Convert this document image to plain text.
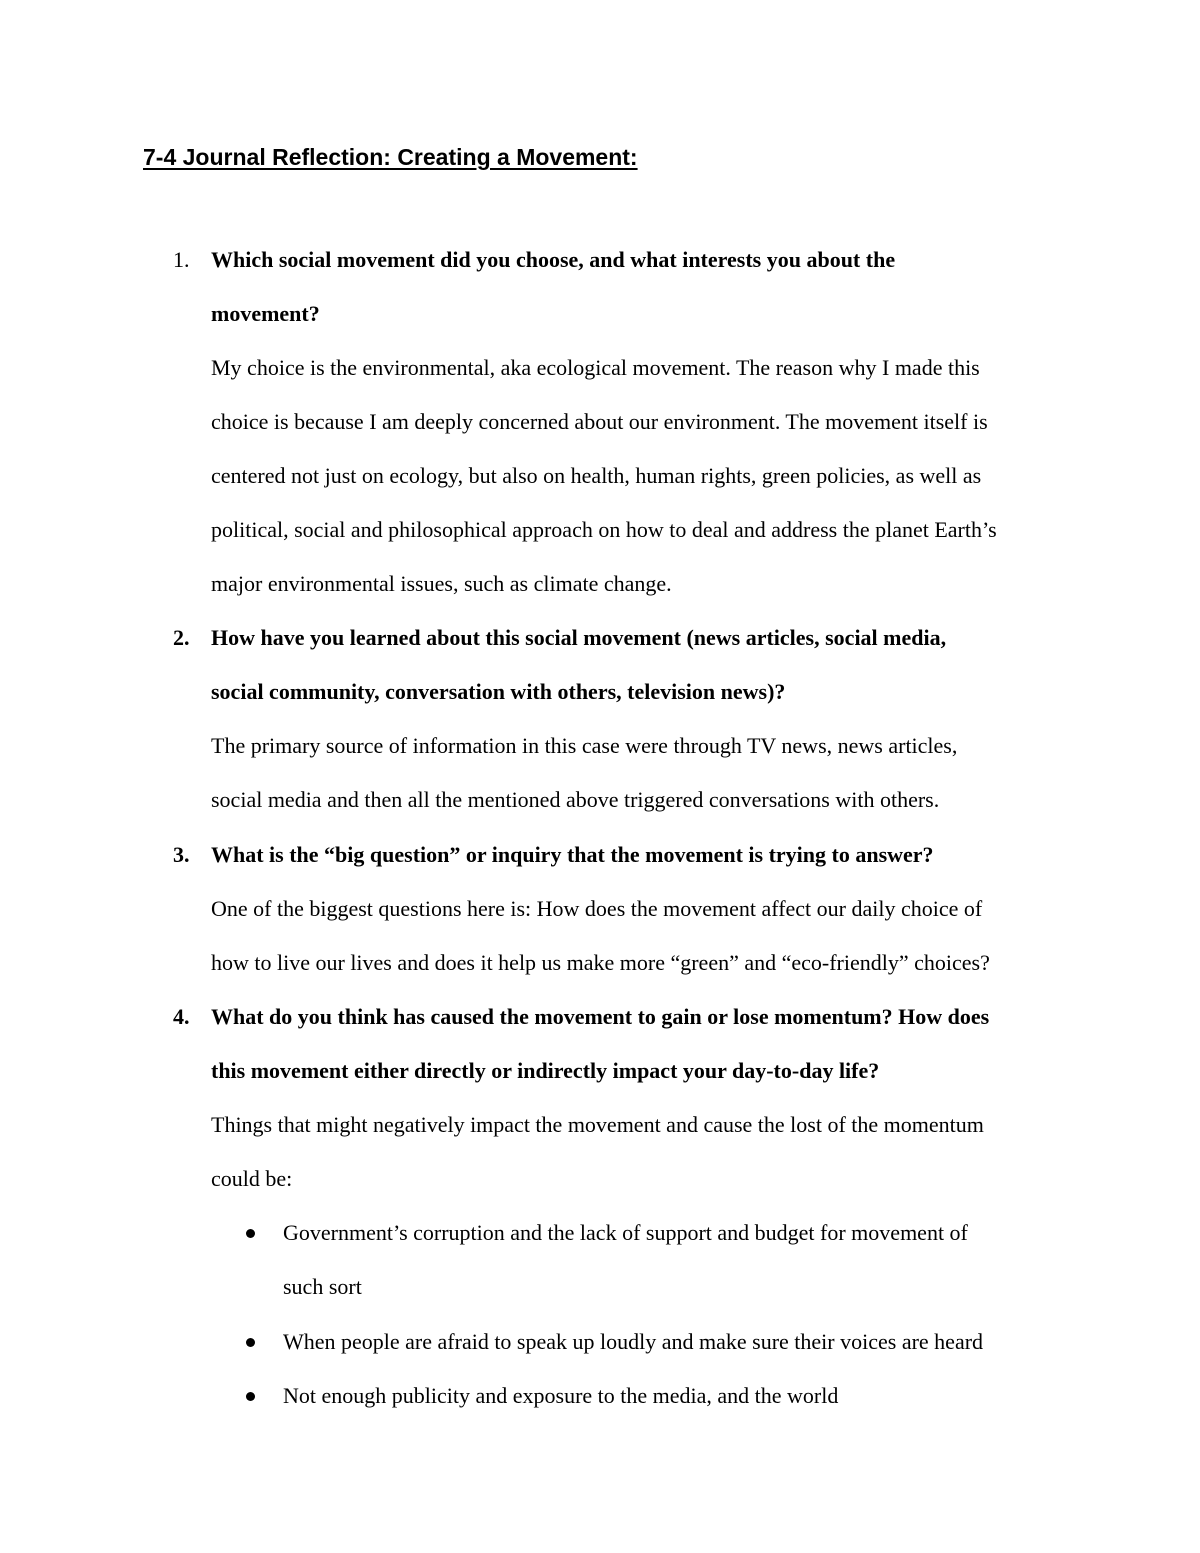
7-4 Journal Reflection: Creating a Movement:
1. Which social movement did you choose, and what interests you about the
movement?
My choice is the environmental, aka ecological movement. The reason why I made this
choice is because I am deeply concerned about our environment. The movement itself is
centered not just on ecology, but also on health, human rights, green policies, as well as
political, social and philosophical approach on how to deal and address the planet Earth’s
major environmental issues, such as climate change.
2. How have you learned about this social movement (news articles, social media,
social community, conversation with others, television news)?
The primary source of information in this case were through TV news, news articles,
social media and then all the mentioned above triggered conversations with others.
3. What is the “big question” or inquiry that the movement is trying to answer?
One of the biggest questions here is: How does the movement affect our daily choice of
how to live our lives and does it help us make more “green” and “eco-friendly” choices?
4. What do you think has caused the movement to gain or lose momentum? How does
this movement either directly or indirectly impact your day-to-day life?
Things that might negatively impact the movement and cause the lost of the momentum
could be:
Government’s corruption and the lack of support and budget for movement of
such sort
When people are afraid to speak up loudly and make sure their voices are heard
Not enough publicity and exposure to the media, and the world
